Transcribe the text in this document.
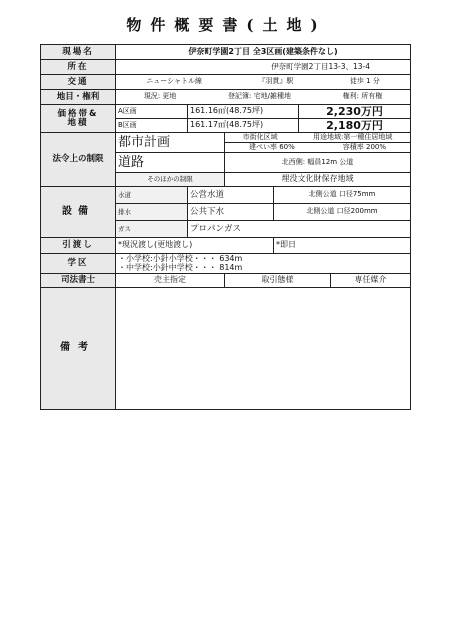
物件概要書(土地)
現場名	伊奈町学園2丁目 全3区画(建築条件なし)					
所在	伊奈町学園2丁目13-3、13-4					
交通	ニューシャトル線 『羽貫』駅 徒歩 1 分					

地目・権利	現況: 更地 登記簿: 宅地/雑種地 権利: 所有権					

価格帯&
地積	A区画	161.16㎡(48.75坪)			2,230万円	
	B区画	161.17㎡(48.75坪)			2,180万円	
法令上の制限	都市計画		市街化区域 用途地域:第一種住居地域
建ぺい率 60% 容積率 200%			

	道路		北西側: 幅員12m 公道			
	そのほかの制限		埋没文化財保存地域			
設備	水道	公営水道		北側公道 口径75mm		
	排水	公共下水		北側公道 口径200mm		
	ガス	プロパンガス				
引渡し	*現況渡し(更地渡し)			*即日		
学区	・小学校:小針小学校・・・ 634m
・中学校:小針中学校・・・ 814m					

司法書士	売主指定		取引態様			専任媒介
備考						
